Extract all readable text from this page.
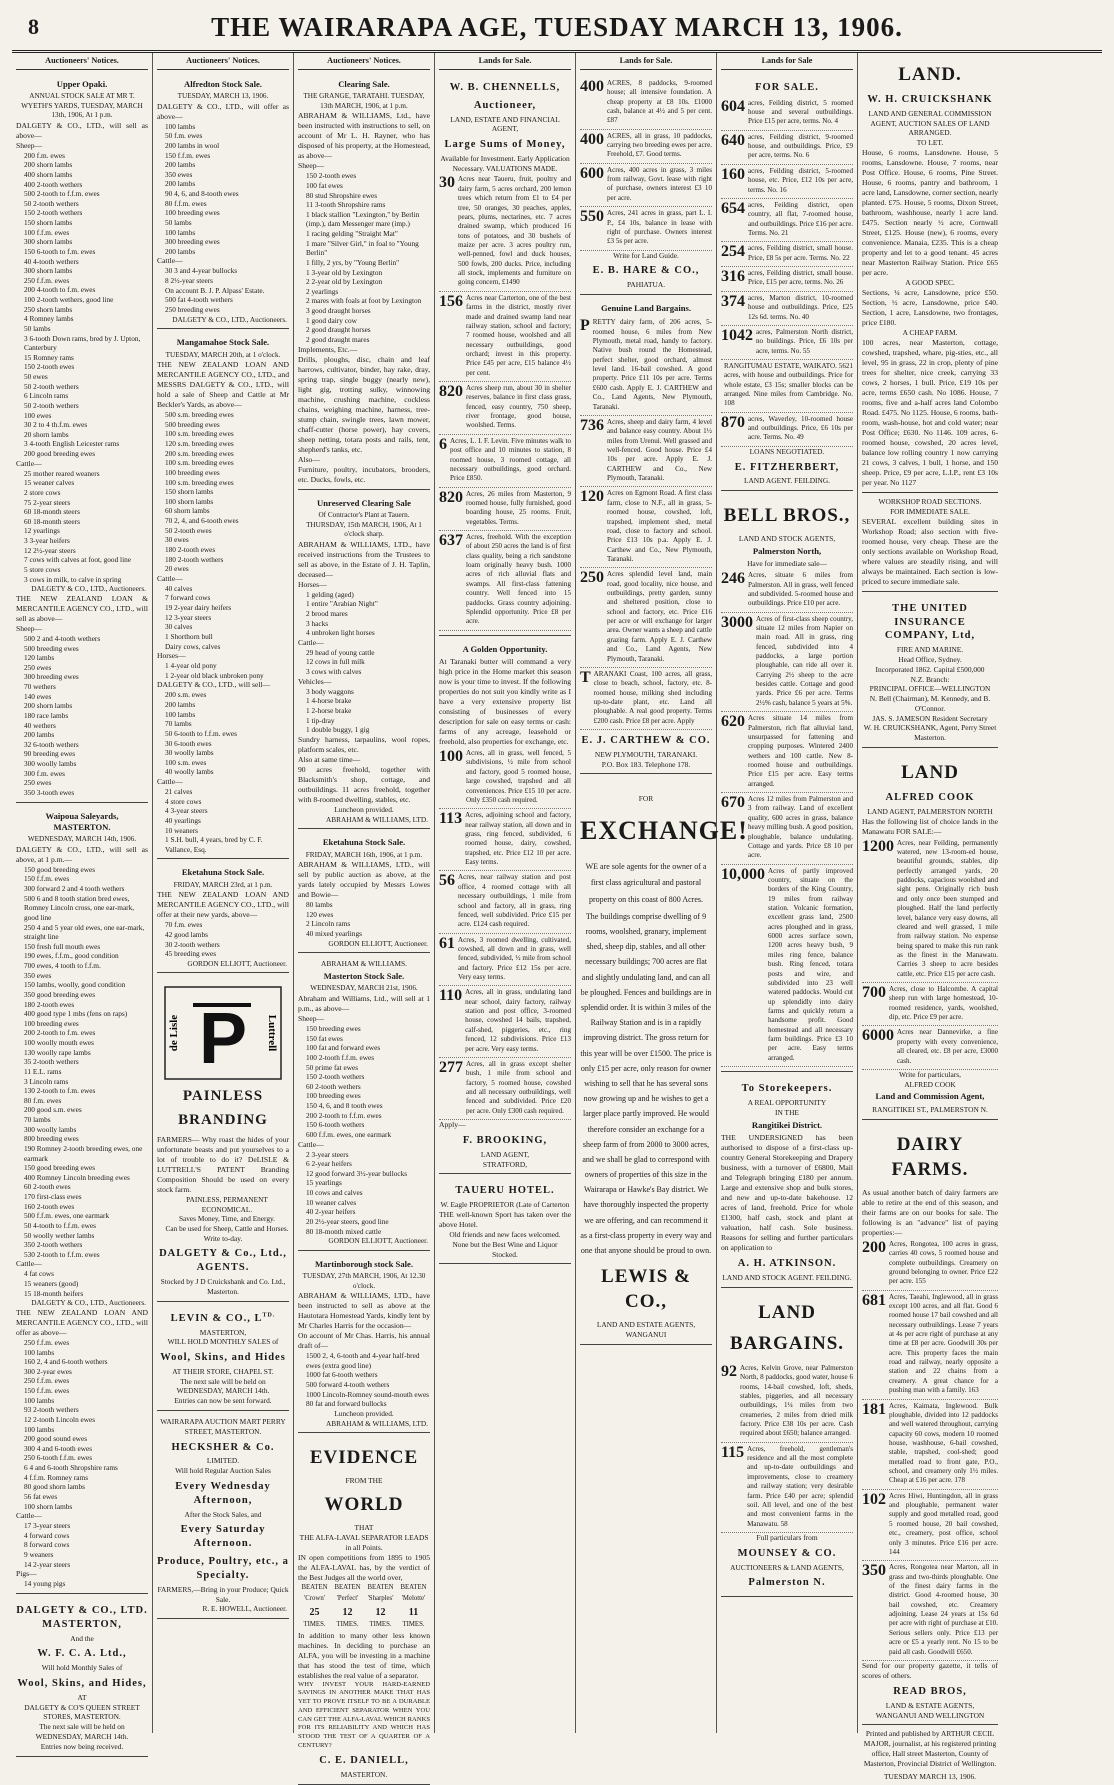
8	THE WAIRARAPA AGE, TUESDAY MARCH 13, 1906.
Auctioneers' Notices.
Upper Opaki.
ANNUAL STOCK SALE AT MR T. WYETH'S YARDS, TUESDAY, MARCH 13th, 1906, At 1 p.m.
DALGETY & CO., LTD., will sell as above—
Sheep—
200 f.m. ewes
200 shorn lambs
400 shorn lambs
400 2-tooth wethers
500 2-tooth to f.f.m. ewes
50 2-tooth wethers
150 2-tooth wethers
150 shorn lambs
100 f.f.m. ewes
300 shorn lambs
150 6-tooth to f.m. ewes
40 4-tooth wethers
300 shorn lambs
250 f.f.m. ewes
200 4-tooth to f.m. ewes
100 2-tooth wethers, good line
250 shorn lambs
4 Romney lambs
50 lambs
3 6-tooth Down rams, bred by J. Upton, Canterbury
15 Romney rams
150 2-tooth ewes
50 ewes
50 2-tooth wethers
6 Lincoln rams
50 2-tooth wethers
100 ewes
30 2 to 4 th.f.m. ewes
20 shorn lambs
3 4-tooth English Leicester rams
200 good breeding ewes
Cattle—
25 mother reared weaners
15 weaner calves
2 store cows
75 2-year steers
60 18-month steers
60 18-month steers
12 yearlings
3 3-year heifers
12 2½-year steers
7 cows with calves at foot, good line
5 store cows
3 cows in milk, to calve in spring
DALGETY & CO., LTD., Auctioneers.
THE NEW ZEALAND LOAN & MERCANTILE AGENCY CO., LTD., will sell as above—
Sheep—
500 2 and 4-tooth wethers
500 breeding ewes
120 lambs
250 ewes
300 breeding ewes
70 wethers
140 ewes
200 shorn lambs
180 race lambs
40 wethers
200 lambs
32 6-tooth wethers
90 breeding ewes
300 woolly lambs
300 f.m. ewes
250 ewes
350 3-tooth ewes
Waipoua Saleyards, MASTERTON.
WEDNESDAY, MARCH 14th, 1906.
DALGETY & CO., LTD., will sell as above, at 1 p.m.—
150 good breeding ewes
150 f.f.m. ewes
300 forward 2 and 4 tooth wethers
500 6 and 8 tooth station bred ewes, Romney Lincoln cross, one ear-mark, good line
250 4 and 5 year old ewes, one ear-mark, straight line
150 fresh full mouth ewes
190 ewes, f.f.m., good condition
700 ewes, 4 tooth to f.f.m.
350 ewes
150 lambs, woolly, good condition
350 good breeding ewes
180 2-tooth ewes
400 good type 1 mbs (fens on raps)
100 breeding ewes
200 2-tooth to f.m. ewes
100 woolly mouth ewes
130 woolly rape lambs
35 2-tooth wethers
11 E.L. rams
3 Lincoln rams
130 2-tooth to f.m. ewes
80 f.m. ewes
200 good s.m. ewes
70 lambs
300 woolly lambs
800 breeding ewes
190 Romney 2-tooth breeding ewes, one earmark
150 good breeding ewes
400 Romney Lincoln breeding ewes
60 2-tooth ewes
170 first-class ewes
160 2-tooth ewes
500 f.f.m. ewes, one earmark
50 4-tooth to f.f.m. ewes
50 woolly wether lambs
350 2-tooth wethers
530 2-tooth to f.f.m. ewes
Cattle—
4 fat cows
15 weaners (good)
15 18-month heifers
DALGETY & CO., LTD., Auctioneers.
THE NEW ZEALAND LOAN AND MERCANTILE AGENCY CO., LTD., will offer as above—
250 f.f.m. ewes
100 lambs
160 2, 4 and 6-tooth wethers
300 2-year ewes
250 f.f.m. ewes
150 f.f.m. ewes
100 lambs
93 2-tooth wethers
12 2-tooth Lincoln ewes
100 lambs
200 good sound ewes
300 4 and 6-tooth ewes
250 6-tooth f.f.m. ewes
6 4 and 6-tooth Shropshire rams
4 f.f.m. Romney rams
80 good shorn lambs
56 fat ewes
100 shorn lambs
Cattle—
17 3-year steers
4 forward cows
8 forward cows
9 weaners
14 2-year steers
Pigs—
14 young pigs
DALGETY & CO., LTD. MASTERTON,
And the
W. F. C. A. Ltd.,
Will hold Monthly Sales of
Wool, Skins, and Hides,
AT
DALGETY & CO'S QUEEN STREET STORES, MASTERTON.
The next sale will be held on WEDNESDAY, MARCH 14th.
Entries now being received.
Auctioneers' Notices.
Alfredton Stock Sale.
TUESDAY, MARCH 13, 1906.
DALGETY & CO., LTD., will offer as above—
100 lambs
50 f.m. ewes
200 lambs in wool
150 f.f.m. ewes
200 lambs
350 ewes
200 lambs
90 4, 6, and 8-tooth ewes
80 f.f.m. ewes
100 breeding ewes
50 lambs
100 lambs
300 breeding ewes
200 lambs
Cattle—
30 3 and 4-year bullocks
8 2½-year steers
On account B. J. P. Alpass' Estate.
500 fat 4-tooth wethers
250 breeding ewes
DALGETY & CO., LTD., Auctioneers.
Mangamahoe Stock Sale.
TUESDAY, MARCH 20th, at 1 o'clock.
THE NEW ZEALAND LOAN AND MERCANTILE AGENCY CO., LTD., and MESSRS DALGETY & CO., LTD., will hold a sale of Sheep and Cattle at Mr Beckler's Yards, as above—
500 s.m. breeding ewes
500 breeding ewes
100 s.m. breeding ewes
120 s.m. breeding ewes
200 s.m. breeding ewes
100 s.m. breeding ewes
100 breeding ewes
100 s.m. breeding ewes
150 shorn lambs
100 shorn lambs
60 shorn lambs
70 2, 4, and 6-tooth ewes
50 2-tooth ewes
30 ewes
180 2-tooth ewes
180 2-tooth wethers
20 ewes
Cattle—
40 calves
7 forward cows
19 2-year dairy heifers
12 3-year steers
30 calves
1 Shorthorn bull
Dairy cows, calves
Horses—
1 4-year old pony
1 2-year old black unbroken pony
DALGETY & CO., LTD., will sell—
200 s.m. ewes
200 lambs
100 lambs
70 lambs
50 6-tooth to f.f.m. ewes
30 6-tooth ewes
30 woolly lambs
100 s.m. ewes
40 woolly lambs
Cattle—
21 calves
4 store cows
4 3-year steers
40 yearlings
10 weaners
1 S.H. bull, 4 years, bred by C. F. Vallance, Esq.
Eketahuna Stock Sale.
FRIDAY, MARCH 23rd, at 1 p.m.
THE NEW ZEALAND LOAN AND MERCANTILE AGENCY CO., LTD., will offer at their new yards, above—
70 f.m. ewes
42 good lambs
30 2-tooth wethers
45 breeding ewes
GORDON ELLIOTT, Auctioneer.
de Lisle	Luttrell
P
PAINLESS
BRANDING
FARMERS— Why roast the hides of your unfortunate beasts and put yourselves to a lot of trouble to do it? DeLISLE & LUTTRELL'S PATENT Branding Composition Should be used on every stock farm.
PAINLESS, PERMANENT
ECONOMICAL.
Saves Money, Time, and Energy.
Can be used for Sheep, Cattle and Horses.
Write to-day.
DALGETY & Co., Ltd., AGENTS.
Stocked by J D Cruickshank and Co. Ltd., Masterton.
LEVIN & CO., $L^{TD.}$
MASTERTON,
WILL HOLD MONTHLY SALES of
Wool, Skins, and Hides
AT THEIR STORE, CHAPEL ST.
The next sale will be held on WEDNESDAY, MARCH 14th.
Entries can now be sent forward.
WAIRARAPA AUCTION MART PERRY STREET, MASTERTON.
HECKSHER & Co.
LIMITED.
Will hold Regular Auction Sales
Every Wednesday Afternoon,
After the Stock Sales, and
Every Saturday Afternoon.
Produce, Poultry, etc., a Specialty.
FARMERS,—Bring in your Produce; Quick Sale.
R. E. HOWELL, Auctioneer.
Auctioneers' Notices.
Clearing Sale.
THE GRANGE, TARATAHI. TUESDAY, 13th MARCH, 1906, at 1 p.m.
ABRAHAM & WILLIAMS, Ltd., have been instructed with instructions to sell, on account of Mr L. H. Rayner, who has disposed of his property, at the Homestead, as above—
Sheep—
150 2-tooth ewes
100 fat ewes
80 stud Shropshire ewes
11 3-tooth Shropshire rams
1 black stallion "Lexington," by Berlin (imp.), dam Messenger mare (imp.)
1 racing gelding "Straight Mat"
1 mare "Silver Girl," in foal to "Young Berlin"
1 filly, 2 yrs, by "Young Berlin"
1 3-year old by Lexington
2 2-year old by Lexington
2 yearlings
2 mares with foals at foot by Lexington
3 good draught horses
1 good dairy cow
2 good draught horses
2 good draught mares
Implements, Etc.—
Drills, ploughs, disc, chain and leaf harrows, cultivator, binder, hay rake, dray, spring trap, single buggy (nearly new), light gig, trotting sulky, winnowing machine, crushing machine, cockless chains, weighing machine, harness, tree-stump chain, swingle trees, lawn mower, chaff-cutter (horse power), hay covers, sheep netting, totara posts and rails, tent, shepherd's tanks, etc.
Also—
Furniture, poultry, incubators, brooders, etc. Ducks, fowls, etc.
Unreserved Clearing Sale
Of Contractor's Plant at Tauern.
THURSDAY, 15th MARCH, 1906, At 1 o'clock sharp.
ABRAHAM & WILLIAMS, LTD., have received instructions from the Trustees to sell as above, in the Estate of J. H. Taplin, deceased—
Horses—
1 gelding (aged)
1 entire "Arabian Night"
2 brood mares
3 hacks
4 unbroken light horses
Cattle—
29 head of young cattle
12 cows in full milk
3 cows with calves
Vehicles—
3 body waggons
1 4-horse brake
1 2-horse brake
1 tip-dray
1 double buggy, 1 gig
Sundry harness, tarpaulins, wool ropes, platform scales, etc.
Also at same time—
90 acres freehold, together with Blacksmith's shop, cottage, and outbuildings. 11 acres freehold, together with 8-roomed dwelling, stables, etc.
Luncheon provided.
ABRAHAM & WILLIAMS, LTD.
Eketahuna Stock Sale.
FRIDAY, MARCH 16th, 1906, at 1 p.m.
ABRAHAM & WILLIAMS, LTD., will sell by public auction as above, at the yards lately occupied by Messrs Lowes and Bowie—
80 lambs
120 ewes
2 Lincoln rams
40 mixed yearlings
GORDON ELLIOTT, Auctioneer.
ABRAHAM & WILLIAMS.
Masterton Stock Sale.
WEDNESDAY, MARCH 21st, 1906.
Abraham and Williams, Ltd., will sell at 1 p.m., as above—
Sheep—
150 breeding ewes
150 fat ewes
100 fat and forward ewes
100 2-tooth f.f.m. ewes
50 prime fat ewes
150 2-tooth wethers
60 2-tooth wethers
100 breeding ewes
150 4, 6, and 8 tooth ewes
200 2-tooth to f.f.m. ewes
150 6-tooth wethers
600 f.f.m. ewes, one earmark
Cattle—
2 3-year steers
6 2-year heifers
12 good forward 3½-year bullocks
15 yearlings
10 cows and calves
10 weaner calves
40 2-year heifers
20 2½-year steers, good line
80 18-month mixed cattle
GORDON ELLIOTT, Auctioneer.
Martinborough stock Sale.
TUESDAY, 27th MARCH, 1906, At 12.30 o'clock.
ABRAHAM & WILLIAMS, LTD., have been instructed to sell as above at the Hautotara Homestead Yards, kindly lent by Mr Charles Harris for the occasion—
On account of Mr Chas. Harris, his annual draft of—
1500 2, 4, 6-tooth and 4-year half-bred ewes (extra good line)
1000 fat 6-tooth wethers
500 forward 4-tooth wethers
1000 Lincoln-Romney sound-mouth ewes
80 fat and forward bullocks
Luncheon provided.
ABRAHAM & WILLIAMS, LTD.
EVIDENCE
FROM THE
WORLD
THAT
THE ALFA-LAVAL SEPARATOR LEADS in all Points.
IN open competitions from 1895 to 1905 the ALFA-LAVAL has, by the verdict of the Best Judges all the world over,
BEATEN	BEATEN	BEATEN	BEATEN
'Crown'	'Perfect'	'Sharples'	'Melotte'
25	12	12	11
TIMES.	TIMES.	TIMES.	TIMES.
In addition to many other less known machines. In deciding to purchase an ALFA, you will be investing in a machine that has stood the test of time, which establishes the real value of a separator.
WHY INVEST YOUR HARD-EARNED SAVINGS IN ANOTHER MAKE THAT HAS YET TO PROVE ITSELF TO BE A DURABLE AND EFFICIENT SEPARATOR WHEN YOU CAN GET THE ALFA-LAVAL WHICH RANKS FOR ITS RELIABILITY AND WHICH HAS STOOD THE TEST OF A QUARTER OF A CENTURY?
C. E. DANIELL,
MASTERTON.
Lands for Sale.
W. B. CHENNELLS,
Auctioneer,
LAND, ESTATE AND FINANCIAL AGENT,
Large Sums of Money,
Available for Investment. Early Application Necessary. VALUATIONS MADE.
30 Acres near Taueru, fruit, poultry and dairy farm, 5 acres orchard, 200 lemon trees which return from £1 to £4 per tree, 50 oranges, 30 peaches, apples, pears, plums, nectarines, etc. 7 acres drained swamp, which produced 16 tons of potatoes, and 30 bushels of maize per acre. 3 acres poultry run, well-penned, fowl and duck houses, 500 fowls, 200 ducks. Price, including all stock, implements and furniture on going concern, £1490
156 Acres near Carterton, one of the best farms in the district, mostly river made and drained swamp land near railway station, school and factory; 7 roomed house, woolshed and all necessary outbuildings, good orchard; invest in this property. Price £45 per acre, £15 balance 4½ per cent.
820 Acres sheep run, about 30 in shelter reserves, balance in first class grass, fenced, easy country, 750 sheep, river frontage, good house, woolshed. Terms.
6 Acres, L. I. F. Levin. Five minutes walk to post office and 10 minutes to station, 8 roomed house, 3 roomed cottage, all necessary outbuildings, good orchard. Price £850.
820 Acres, 26 miles from Masterton, 9 roomed house, fully furnished, good boarding house, 25 rooms. Fruit, vegetables. Terms.
637 Acres, freehold. With the exception of about 250 acres the land is of first class quality, being a rich sandstone loam originally heavy bush. 1000 acres of rich alluvial flats and swamps. All first-class fattening country. Well fenced into 15 paddocks. Grass country adjoining. Splendid opportunity. Price £8 per acre.
A Golden Opportunity.
At Taranaki butter will command a very high price in the Home market this season now is your time to invest. If the following properties do not suit you kindly write as I have a very extensive property list consisting of businesses of every description for sale on easy terms or cash: farms of any acreage, leasehold or freehold, also properties for exchange, etc.
100 Acres, all in grass, well fenced, 5 subdivisions, ½ mile from school and factory, good 5 roomed house, large cowshed, trapshed and all conveniences. Price £15 10 per acre. Only £350 cash required.
113 Acres, adjoining school and factory, near railway station, all down and in grass, ring fenced, subdivided, 6 roomed house, dairy, cowshed, trapshed, etc. Price £12 10 per acre. Easy terms.
56 Acres, near railway station and post office, 4 roomed cottage with all necessary outbuildings, 1 mile from school and factory, all in grass, ring fenced, well subdivided. Price £15 per acre. £124 cash required.
61 Acres, 3 roomed dwelling, cultivated, cowshed, all down and in grass, well fenced, subdivided, ½ mile from school and factory. Price £12 15s per acre. Very easy terms.
110 Acres, all in grass, undulating land near school, dairy factory, railway station and post office, 3-roomed house, cowshed 14 bails, trapshed, calf-shed, piggeries, etc., ring fenced, 12 subdivisions. Price £13 per acre. Very easy terms.
277 Acres, all in grass except shelter bush, 1 mile from school and factory, 5 roomed house, cowshed and all necessary outbuildings, well fenced and subdivided. Price £20 per acre. Only £300 cash required.
Apply—
F. BROOKING,
LAND AGENT,
STRATFORD,
TAUERU HOTEL.
W. Eagle PROPRIETOR (Late of Carterton
THE well-known Sport has taken over the above Hotel.
Old friends and new faces welcomed.
None but the Best Wine and Liquor Stocked.
Lands for Sale.
400 ACRES, 8 paddocks, 9-roomed house; all intensive foundation. A cheap property at £8 10s. £1000 cash, balance at 4½ and 5 per cent. £87
400 ACRES, all in grass, 10 paddocks, carrying two breeding ewes per acre. Freehold, £7. Good terms.
600 Acres, 400 acres in grass, 3 miles from railway, Govt. lease with right of purchase, owners interest £3 10 per acre.
550 Acres, 241 acres in grass, part L. I. P., £4 10s, balance in lease with right of purchase. Owners interest £3 5s per acre.
Write for Land Guide.
E. B. HARE & CO.,
PAHIATUA.
Genuine Land Bargains.
P RETTY dairy farm, of 206 acres, 5-roomed house, 6 miles from New Plymouth, metal road, handy to factory. Native bush round the Homestead, perfect shelter, good orchard, almost level land. 16-bail cowshed. A good property. Price £11 10s per acre. Terms £600 cash. Apply E. J. CARTHEW and Co., Land Agents, New Plymouth, Taranaki.
736 Acres, sheep and dairy farm, 4 level and balance easy country. About 1½ miles from Urenui. Well grassed and well-fenced. Good house. Price £4 10s per acre. Apply E. J. CARTHEW and Co., New Plymouth, Taranaki.
120 Acres on Egmont Road. A first class farm, close to N.F., all in grass, 5-roomed house, cowshed, loft, trapshed, implement shed, metal road, close to factory and school. Price £13 10s p.a. Apply E. J. Carthew and Co., New Plymouth, Taranaki.
250 Acres splendid level land, main road, good locality, nice house, and outbuildings, pretty garden, sunny and sheltered position, close to school and factory, etc. Price £16 per acre or will exchange for larger area. Owner wants a sheep and cattle grazing farm. Apply E. J. Carthew and Co., Land Agents, New Plymouth, Taranaki.
T ARANAKI Coast, 100 acres, all grass, close to beach, school, factory, etc. 8-roomed house, milking shed including up-to-date plant, etc. Land all ploughable. A real good property. Terms £200 cash. Price £8 per acre. Apply
E. J. CARTHEW & CO.
NEW PLYMOUTH, TARANAKI.
P.O. Box 183. Telephone 178.
FOR
EXCHANGE!
WE are sole agents for the owner of a first class agricultural and pastoral property on this coast of 800 Acres.
The buildings comprise dwelling of 9 rooms, woolshed, granary, implement shed, sheep dip, stables, and all other necessary buildings; 700 acres are flat and slightly undulating land, and can all be ploughed. Fences and buildings are in splendid order. It is within 3 miles of the Railway Station and is in a rapidly improving district. The gross return for this year will be over £1500. The price is only £15 per acre, only reason for owner wishing to sell that he has several sons now growing up and he wishes to get a larger place partly improved. He would therefore consider an exchange for a sheep farm of from 2000 to 3000 acres, and we shall be glad to correspond with owners of properties of this size in the Wairarapa or Hawke's Bay district. We have thoroughly inspected the property we are offering, and can recommend it as a first-class property in every way and one that anyone should be proud to own.
LEWIS & CO.,
LAND AND ESTATE AGENTS,
WANGANUI
Lands for Sale
FOR SALE.
604 acres, Feilding district, 5 roomed house and several outbuildings. Price £15 per acre, terms. No. 4
640 acres, Feilding district, 9-roomed house, and outbuildings. Price, £9 per acre, terms. No. 6
160 acres, Feilding district, 5-roomed house, etc. Price, £12 10s per acre, terms. No. 16
654 acres, Feilding district, open country, all flat, 7-roomed house, and outbuildings. Price £16 per acre. Terms. No. 21
254 acres, Feilding district, small house. Price, £8 5s per acre. Terms. No. 22
316 acres, Feilding district, small house. Price, £15 per acre, terms. No. 26
374 acres, Marton district, 10-roomed house and outbuildings. Price, £25 12s 6d. terms. No. 40
1042 acres, Palmerston North district, no buildings. Price, £6 10s per acre, terms. No. 55
RANGITUMAU ESTATE, WAIKATO. 5621 acres, with house and outbuildings. Price for whole estate, £3 15s; smaller blocks can be arranged. Nine miles from Cambridge. No. 108
870 acres, Waverley, 10-roomed house and outbuildings. Price, £6 10s per acre. Terms. No. 49
LOANS NEGOTIATED.
E. FITZHERBERT,
LAND AGENT. FEILDING.
BELL BROS.,
LAND AND STOCK AGENTS,
Palmerston North,
Have for immediate sale—
246 Acres, situate 6 miles from Palmerston. All in grass, well fenced and subdivided. 5-roomed house and outbuildings. Price £10 per acre.
3000 Acres of first-class sheep country, situate 12 miles from Napier on main road. All in grass, ring fenced, subdivided into 4 paddocks, a large portion ploughable, can ride all over it. Carrying 2½ sheep to the acre besides cattle. Cottage and good yards. Price £6 per acre. Terms 2½% cash, balance 5 years at 5%.
620 Acres situate 14 miles from Palmerston, rich flat alluvial land, unsurpassed for fattening and cropping purposes. Wintered 2400 wethers and 100 cattle. New 8-roomed house and outbuildings. Price £15 per acre. Easy terms arranged.
670 Acres 12 miles from Palmerston and 3 from railway. Land of excellent quality, 600 acres in grass, balance heavy milling bush. A good position, ploughable, balance undulating. Cottage and yards. Price £8 10 per acre.
10,000 Acres of partly improved country, situate on the borders of the King Country, 19 miles from railway station. Volcanic formation, excellent grass land, 2500 acres ploughed and in grass, 6000 acres surface sown, 1200 acres heavy bush, 9 miles ring fence, balance bush. Ring fenced, totara posts and wire, and subdivided into 23 well watered paddocks. Would cut up splendidly into dairy farms and quickly return a handsome profit. Good homestead and all necessary farm buildings. Price £3 10 per acre. Easy terms arranged.
To Storekeepers.
A REAL OPPORTUNITY
IN THE
Rangitikei District.
THE UNDERSIGNED has been authorised to dispose of a first-class up-country General Storekeeping and Drapery business, with a turnover of £6800, Mail and Telegraph bringing £180 per annum. Large and extensive shop and bulk stores, and new and up-to-date bakehouse. 12 acres of land, freehold. Price for whole £1300, half cash, stock and plant at valuation, half cash. Sole business. Reasons for selling and further particulars on application to
A. H. ATKINSON.
LAND AND STOCK AGENT. FEILDING.
LAND
BARGAINS.
92 Acres, Kelvin Grove, near Palmerston North, 8 paddocks, good water, house 6 rooms, 14-bail cowshed, loft, sheds, stables, piggeries, and all necessary outbuildings, 1¼ miles from two creameries, 2 miles from dried milk factory. Price £38 10s per acre. Cash required about £650; balance arranged.
115 Acres, freehold, gentleman's residence and all the most complete and up-to-date outbuildings and improvements, close to creamery and railway station; very desirable farm. Price £40 per acre; splendid soil. All level, and one of the best and most convenient farms in the Manawatu. 58
Full particulars from
MOUNSEY & CO.
AUCTIONEERS & LAND AGENTS,
Palmerston N.
LAND.
W. H. CRUICKSHANK
LAND AND GENERAL COMMISSION AGENT, AUCTION SALES OF LAND ARRANGED.
TO LET.
House, 6 rooms, Lansdowne. House, 5 rooms, Lansdowne. House, 7 rooms, near Post Office. House, 6 rooms, Pine Street. House, 6 rooms, pantry and bathroom, 1 acre land, Lansdowne, corner section, nearly planted. £75. House, 5 rooms, Dixon Street, bathroom, washhouse, nearly 1 acre land. £475. Section nearly ½ acre, Cornwall Street, £125. House (new), 6 rooms, every convenience. Manaia, £235. This is a cheap property and let to a good tenant. 45 acres near Masterton Railway Station. Price £65 per acre.
A GOOD SPEC.
Sections, ¼ acre, Lansdowne, price £50. Section, ½ acre, Lansdowne, price £40. Section, 1 acre, Lansdowne, two frontages, price £180.
A CHEAP FARM.
100 acres, near Masterton, cottage, cowshed, trapshed, whare, pig-sties, etc., all level, 95 in grass, 22 in crop, plenty of pine trees for shelter, nice creek, carrying 33 cows, 2 horses, 1 bull. Price, £19 10s per acre, terms £650 cash. No 1086. House, 7 rooms, five and a-half acres land Colombo Road. £475. No 1125. House, 6 rooms, bath-room, wash-house, hot and cold water; near Post Office; £630. No 1146. 109 acres, 6-roomed house, cowshed, 20 acres level, balance low rolling country 1 now carrying 21 cows, 3 calves, 1 bull, 1 horse, and 150 sheep. Price, £9 per acre, L.I.P., rent £3 10s per year. No 1127
WORKSHOP ROAD SECTIONS.
FOR IMMEDIATE SALE.
SEVERAL excellent building sites in Workshop Road; also section with five-roomed house, very cheap. These are the only sections available on Workshop Road, where values are steadily rising, and will always be maintained. Each section is low-priced to secure immediate sale.
THE UNITED INSURANCE COMPANY, Ltd,
FIRE AND MARINE.
Head Office, Sydney.
Incorporated 1862. Capital £500,000
N.Z. Branch:
PRINCIPAL OFFICE—WELLINGTON
N. Bell (Chairman), M. Kennedy, and B. O'Connor.
JAS. S. JAMESON Resident Secretary
W. H. CRUICKSHANK, Agent, Perry Street Masterton.
LAND
ALFRED COOK
LAND AGENT, PALMERSTON NORTH
Has the following list of choice lands in the Manawatu FOR SALE:—
1200 Acres, near Feilding, permanently watered, new 13-room-ed house, beautiful grounds, stables, dip perfectly arranged yards, 20 paddocks, capacious woolshed and sight pens. Originally rich bush and only once been stumped and ploughed. Half the land perfectly level, balance very easy downs, all cleared and well grassed, 1 mile from railway station. No expense being spared to make this run rank as the finest in the Manawatu. Carries 3 sheep to acre besides cattle, etc. Price £15 per acre cash.
700 Acres, close to Halcombe. A capital sheep run with large homestead, 10-roomed residence, yards, woolshed, dip, etc. Price £9 per acre.
6000 Acres near Dannevirke, a fine property with every convenience, all cleared, etc. £8 per acre, £3000 cash.
Write for particulars,
ALFRED COOK
Land and Commission Agent,
RANGITIKEI ST., PALMERSTON N.
DAIRY FARMS.
As usual another batch of dairy farmers are able to retire at the end of this season, and their farms are on our books for sale. The following is an "advance" list of paying properties:—
200 Acres, Rongotea, 100 acres in grass, carries 40 cows, 5 roomed house and complete outbuildings. Creamery on ground belonging to owner. Price £22 per acre. 155
681 Acres, Taeahi, Inglewood, all in grass except 100 acres, and all flat. Good 6 roomed house 17 bail cowshed and all necessary outbuildings. Lease 7 years at 4s per acre right of purchase at any time at £8 per acre. Goodwill 30s per acre. This property faces the main road and railway, nearly opposite a station and 22 chains from a creamery. A great chance for a pushing man with a family. 163
181 Acres, Kaimata, Inglewood. Bulk ploughable, divided into 12 paddocks and well watered throughout, carrying capacity 60 cows, modern 10 roomed house, washhouse, 6-bail cowshed, stable, trapshed, cool-shed; good metalled road to front gate, P.O., school, and creamery only 1½ miles. Cheap at £16 per acre. 178
102 Acres Hiwi, Huntingdon, all in grass and ploughable, permanent water supply and good metalled road, good 5 roomed house, 20 bail cowshed, etc., creamery, post office, school only 3 minutes. Price £16 per acre. 144
350 Acres, Rongotea near Marton, all in grass and two-thirds ploughable. One of the finest dairy farms in the district. Good 4-roomed house, 30 bail cowshed, etc. Creamery adjoining. Lease 24 years at 15s 6d per acre with right of purchase at £10. Serious sellers only. Price £13 per acre or £5 a yearly rent. No 15 to be paid all cash. Goodwill £650.
Send for our property gazette, it tells of scores of others.
READ BROS,
LAND & ESTATE AGENTS,
WANGANUI AND WELLINGTON
Printed and published by ARTHUR CECIL MAJOR, journalist, at his registered printing office, Hall street Masterton, County of Masterton, Provincial District of Wellington.
TUESDAY MARCH 13, 1906.
